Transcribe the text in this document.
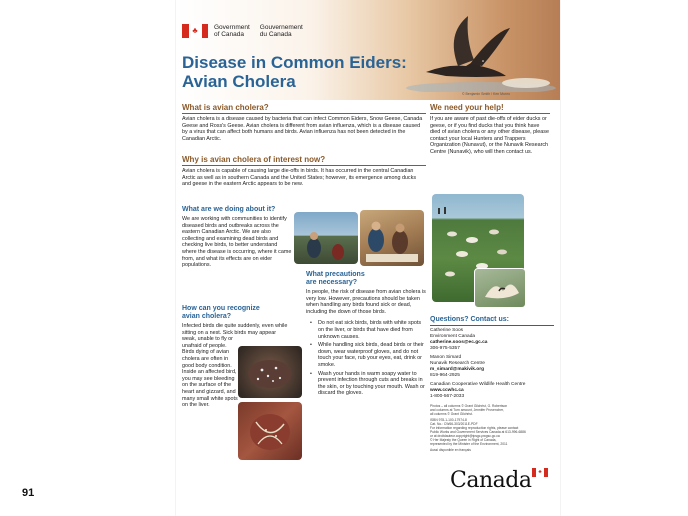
91
♣	Government
of Canada
Gouvernement
du Canada
Disease in Common Eiders:
Avian Cholera
© Benjamin Smith / Ken Munro
What is avian cholera?
Avian cholera is a disease caused by bacteria that can infect Common Eiders, Snow Geese, Canada Geese and Ross's Geese. Avian cholera is different from avian influenza, which is a disease caused by a virus that can affect both humans and birds. Avian influenza has not been detected in the Canadian Arctic.
Why is avian cholera of interest now?
Avian cholera is capable of causing large die-offs in birds. It has occurred in the central Canadian Arctic as well as in southern Canada and the United States; however, its emergence among ducks and geese in the eastern Arctic appears to be new.
What are we doing about it?
We are working with communities to identify diseased birds and outbreaks across the eastern Canadian Arctic. We are also collecting and examining dead birds and checking live birds, to better understand where the disease is occurring, where it came from, and what its effects are on eider populations.
How can you recognize
avian cholera?
Infected birds die quite suddenly, even while sitting on a nest. Sick birds may appear
weak, unable to fly or unafraid of people. Birds dying of avian cholera are often in good body condition. Inside an affected bird, you may see bleeding on the surface of the heart and gizzard, and many small white spots on the liver.
What precautions
are necessary?
In people, the risk of disease from avian cholera is very low. However, precautions should be taken when handling any birds found sick or dead, including the down of those birds.
• Do not eat sick birds, birds with white spots on the liver, or birds that have died from unknown causes.
• While handling sick birds, dead birds or their down, wear waterproof gloves, and do not touch your face, rub your eyes, eat, drink or smoke.
• Wash your hands in warm soapy water to prevent infection through cuts and breaks in the skin, or by touching your mouth. Wash or discard the gloves.
We need your help!
If you are aware of past die-offs of eider ducks or geese, or if you find ducks that you think have died of avian cholera or any other disease, please contact your local Hunters and Trappers Organization (Nunavut), or the Nunavik Research Centre (Nunavik), who will then contact us.
Questions? Contact us:
Catherine Soos
Environment Canada
catherine.soos@ec.gc.ca
306-975-5357
Manon Simard
Nunavik Research Centre
m_simard@makivik.org
819-964-2925
Canadian Cooperative Wildlife Health Centre
www.ccwhc.ca
1-800-567-2033
Photos – all columns © Grant Gilchrist, G. Robertson
and columns at Turn amount, Jennifer Provencher,
all columns © Grant Gilchrist.
ISBN 978-1-100-17974-8
Cat. No.: CW66-303/2011E-PDF
For information regarding reproduction rights, please contact
Public Works and Government Services Canada at 613-996-6886
or at droitdauteur.copyright@tpsgc-pwgsc.gc.ca
© Her Majesty the Queen in Right of Canada,
represented by the Minister of the Environment, 2011
Aussi disponible en français
Canada	♣
